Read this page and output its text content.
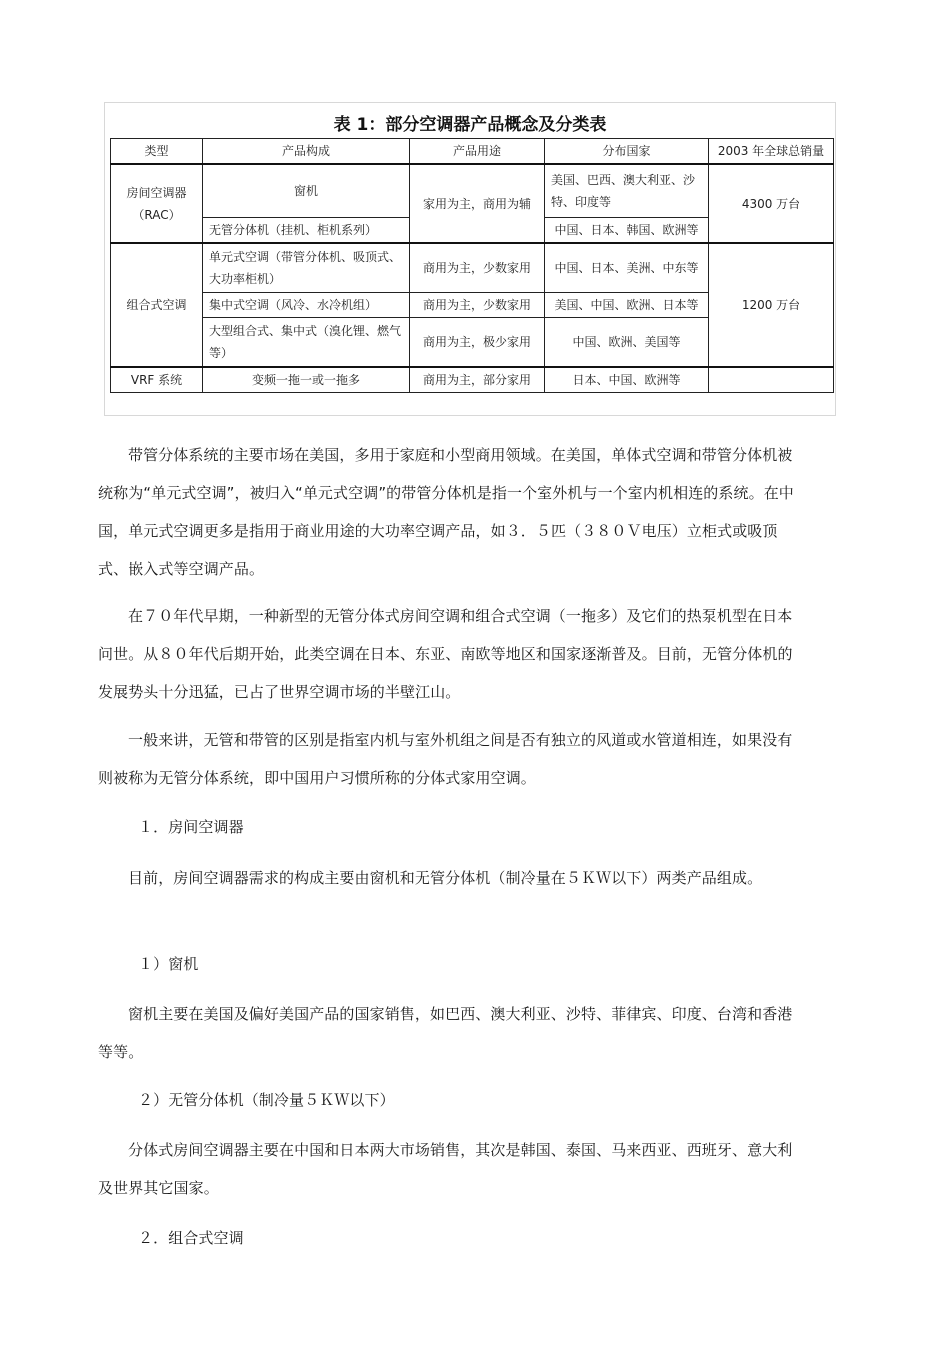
表 1：部分空调器产品概念及分类表
类型	产品构成	产品用途	分布国家	2003 年全球总销量
房间空调器（RAC）	窗机	家用为主，商用为辅	美国、巴西、澳大利亚、沙特、印度等	4300 万台
	无管分体机（挂机、柜机系列）		中国、日本、韩国、欧洲等	
组合式空调	单元式空调（带管分体机、吸顶式、大功率柜机）	商用为主，少数家用	中国、日本、美洲、中东等	1200 万台
	集中式空调（风冷、水冷机组）	商用为主，少数家用	美国、中国、欧洲、日本等	
	大型组合式、集中式（溴化锂、燃气等）	商用为主，极少家用	中国、欧洲、美国等	
VRF 系统	变频一拖一或一拖多	商用为主，部分家用	日本、中国、欧洲等	

带管分体系统的主要市场在美国，多用于家庭和小型商用领域。在美国，单体式空调和带管分体机被统称为“单元式空调”，被归入“单元式空调”的带管分体机是指一个室外机与一个室内机相连的系统。在中国，单元式空调更多是指用于商业用途的大功率空调产品，如３．５匹（３８０Ｖ电压）立柜式或吸顶式、嵌入式等空调产品。

在７０年代早期，一种新型的无管分体式房间空调和组合式空调（一拖多）及它们的热泵机型在日本问世。从８０年代后期开始，此类空调在日本、东亚、南欧等地区和国家逐渐普及。目前，无管分体机的发展势头十分迅猛，已占了世界空调市场的半壁江山。

一般来讲，无管和带管的区别是指室内机与室外机组之间是否有独立的风道或水管道相连，如果没有则被称为无管分体系统，即中国用户习惯所称的分体式家用空调。

１．房间空调器

目前，房间空调器需求的构成主要由窗机和无管分体机（制冷量在５ＫＷ以下）两类产品组成。

１）窗机

窗机主要在美国及偏好美国产品的国家销售，如巴西、澳大利亚、沙特、菲律宾、印度、台湾和香港等等。

２）无管分体机（制冷量５ＫＷ以下）

分体式房间空调器主要在中国和日本两大市场销售，其次是韩国、泰国、马来西亚、西班牙、意大利及世界其它国家。

２．组合式空调
